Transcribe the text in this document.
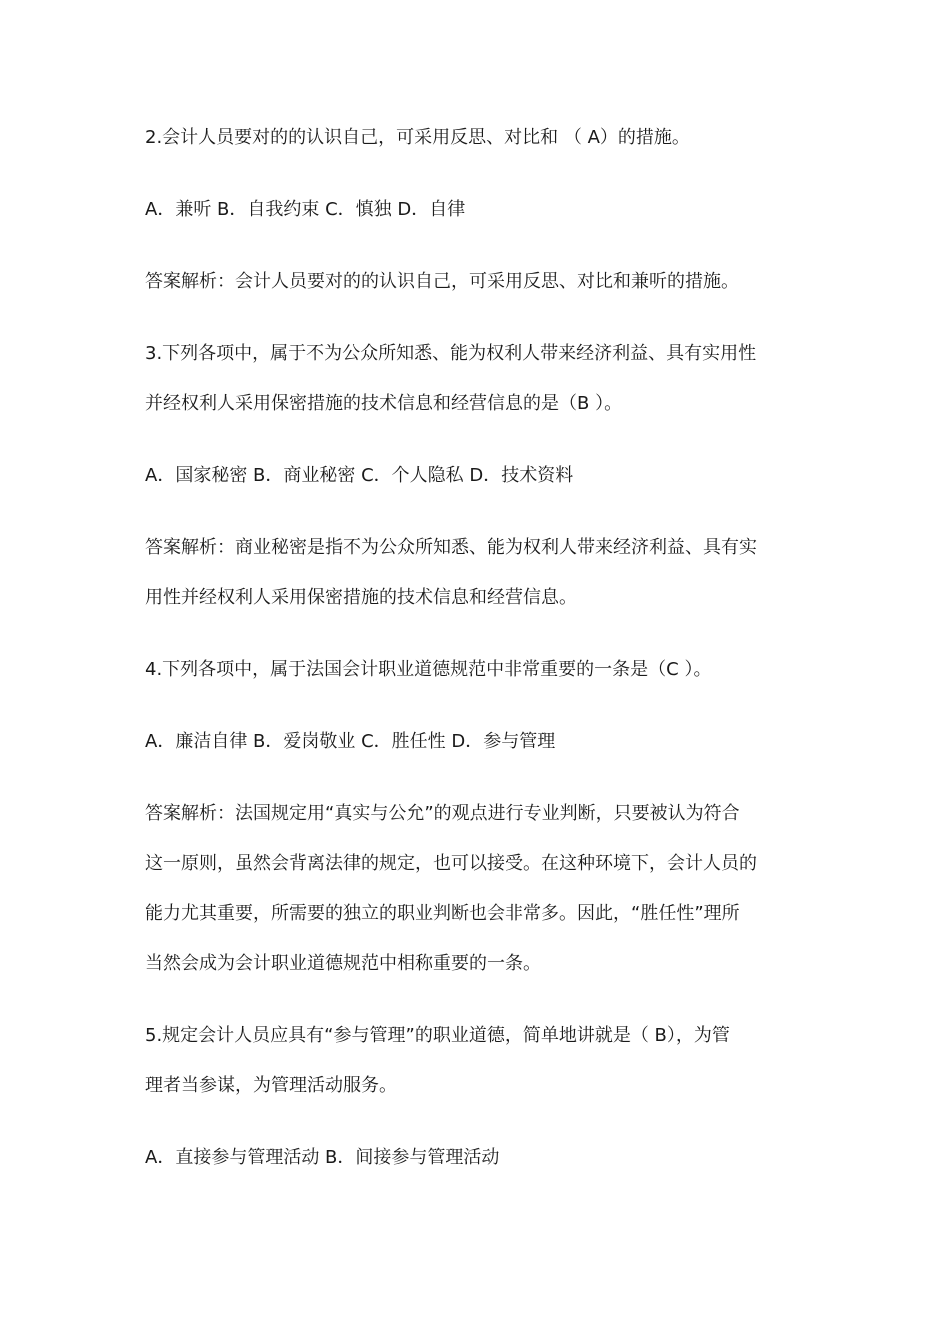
2.会计人员要对的的认识自己，可采用反思、对比和 （ A）的措施。
A．兼听 B．自我约束 C．慎独 D．自律
答案解析：会计人员要对的的认识自己，可采用反思、对比和兼听的措施。
3.下列各项中，属于不为公众所知悉、能为权利人带来经济利益、具有实用性
并经权利人采用保密措施的技术信息和经营信息的是（B ）。
A．国家秘密 B．商业秘密 C．个人隐私 D．技术资料
答案解析：商业秘密是指不为公众所知悉、能为权利人带来经济利益、具有实
用性并经权利人采用保密措施的技术信息和经营信息。
4.下列各项中，属于法国会计职业道德规范中非常重要的一条是（C ）。
A．廉洁自律 B．爱岗敬业 C．胜任性 D．参与管理
答案解析：法国规定用“真实与公允”的观点进行专业判断，只要被认为符合
这一原则，虽然会背离法律的规定，也可以接受。在这种环境下，会计人员的
能力尤其重要，所需要的独立的职业判断也会非常多。因此，“胜任性”理所
当然会成为会计职业道德规范中相称重要的一条。
5.规定会计人员应具有“参与管理”的职业道德，简单地讲就是（ B），为管
理者当参谋，为管理活动服务。
A．直接参与管理活动 B．间接参与管理活动
